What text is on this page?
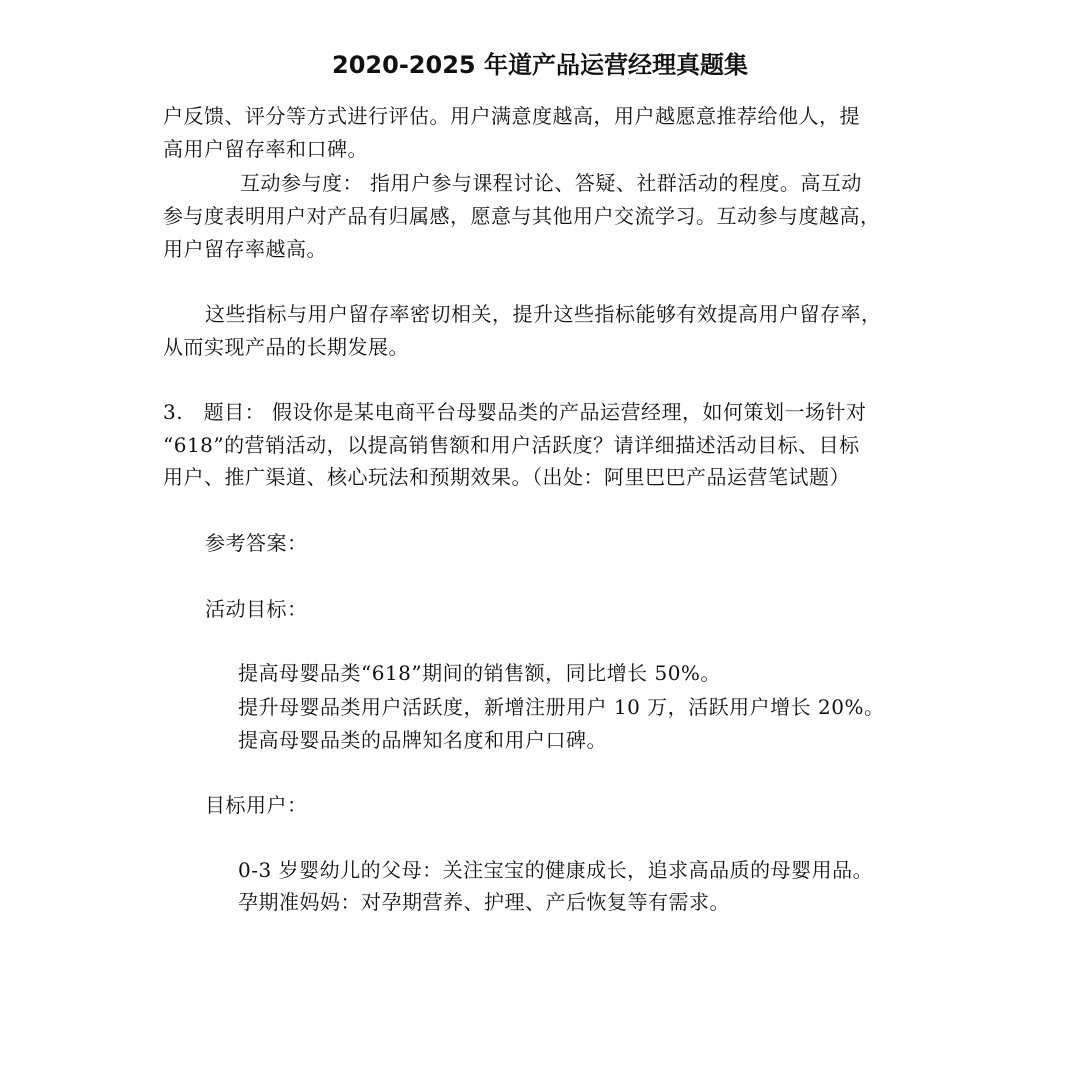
2020-2025 年道产品运营经理真题集
户反馈、评分等方式进行评估。用户满意度越高，用户越愿意推荐给他人，提
高用户留存率和口碑。
互动参与度： 指用户参与课程讨论、答疑、社群活动的程度。高互动
参与度表明用户对产品有归属感，愿意与其他用户交流学习。互动参与度越高，
用户留存率越高。
这些指标与用户留存率密切相关，提升这些指标能够有效提高用户留存率，
从而实现产品的长期发展。
3.　题目： 假设你是某电商平台母婴品类的产品运营经理，如何策划一场针对
“618”的营销活动，以提高销售额和用户活跃度？请详细描述活动目标、目标
用户、推广渠道、核心玩法和预期效果。（出处：阿里巴巴产品运营笔试题）
参考答案：
活动目标：
提高母婴品类“618”期间的销售额，同比增长 50%。
提升母婴品类用户活跃度，新增注册用户 10 万，活跃用户增长 20%。
提高母婴品类的品牌知名度和用户口碑。
目标用户：
0-3 岁婴幼儿的父母：关注宝宝的健康成长，追求高品质的母婴用品。
孕期准妈妈：对孕期营养、护理、产后恢复等有需求。
